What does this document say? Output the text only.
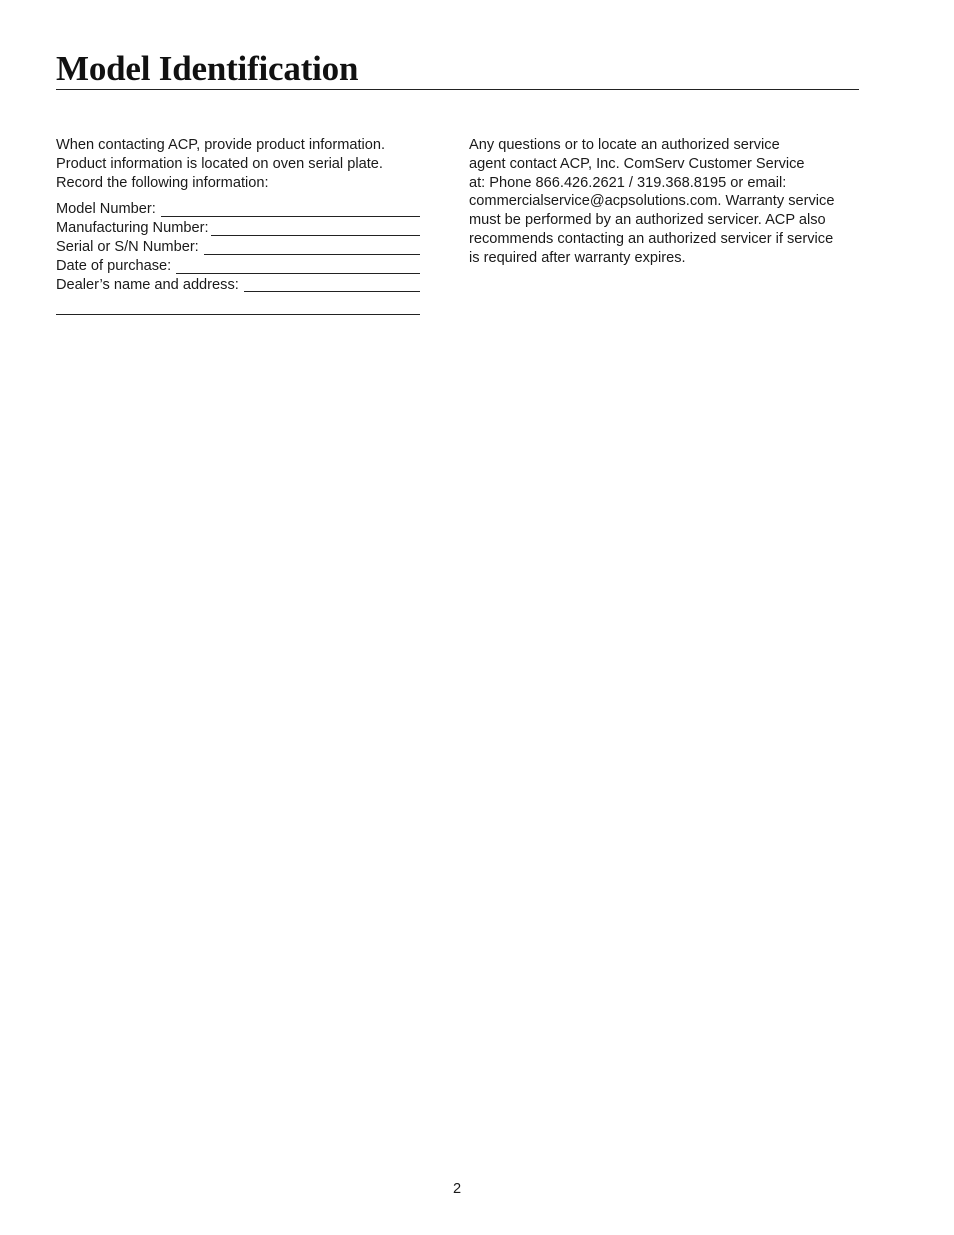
Model Identification

When contacting ACP, provide product information.

Product information is located on oven serial plate.

Record the following information:

Model Number:
Manufacturing Number:
Serial or S/N Number:
Date of purchase:
Dealer’s name and address:

Any questions or to locate an authorized service

agent contact ACP, Inc. ComServ Customer Service

at: Phone 866.426.2621 / 319.368.8195 or email:

commercialservice@acpsolutions.com. Warranty service

must be performed by an authorized servicer. ACP also

recommends contacting an authorized servicer if service

is required after warranty expires.

2
